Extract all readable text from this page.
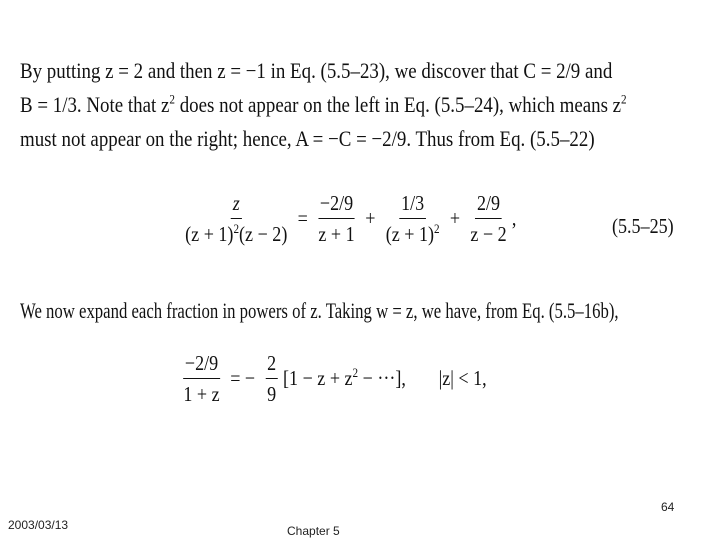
By putting z = 2 and then z = −1 in Eq. (5.5–23), we discover that C = 2/9 and
B = 1/3. Note that $z^2$ does not appear on the left in Eq. (5.5–24), which means $z^2$
must not appear on the right; hence, A = −C = −2/9. Thus from Eq. (5.5–22)
$\frac{z}{(z + 1)^2(z - 2)} = \frac{-2/9}{z + 1} + \frac{1/3}{(z + 1)^2} + \frac{2/9}{z - 2}$ ,	(5.5–25)
We now expand each fraction in powers of z. Taking w = z, we have, from Eq. (5.5–16b),
$\frac{-2/9}{1 + z}$ = − $\frac{2}{9} [1 - z + z^2$ − ···], |z| < 1,
64
2003/03/13	Chapter 5
